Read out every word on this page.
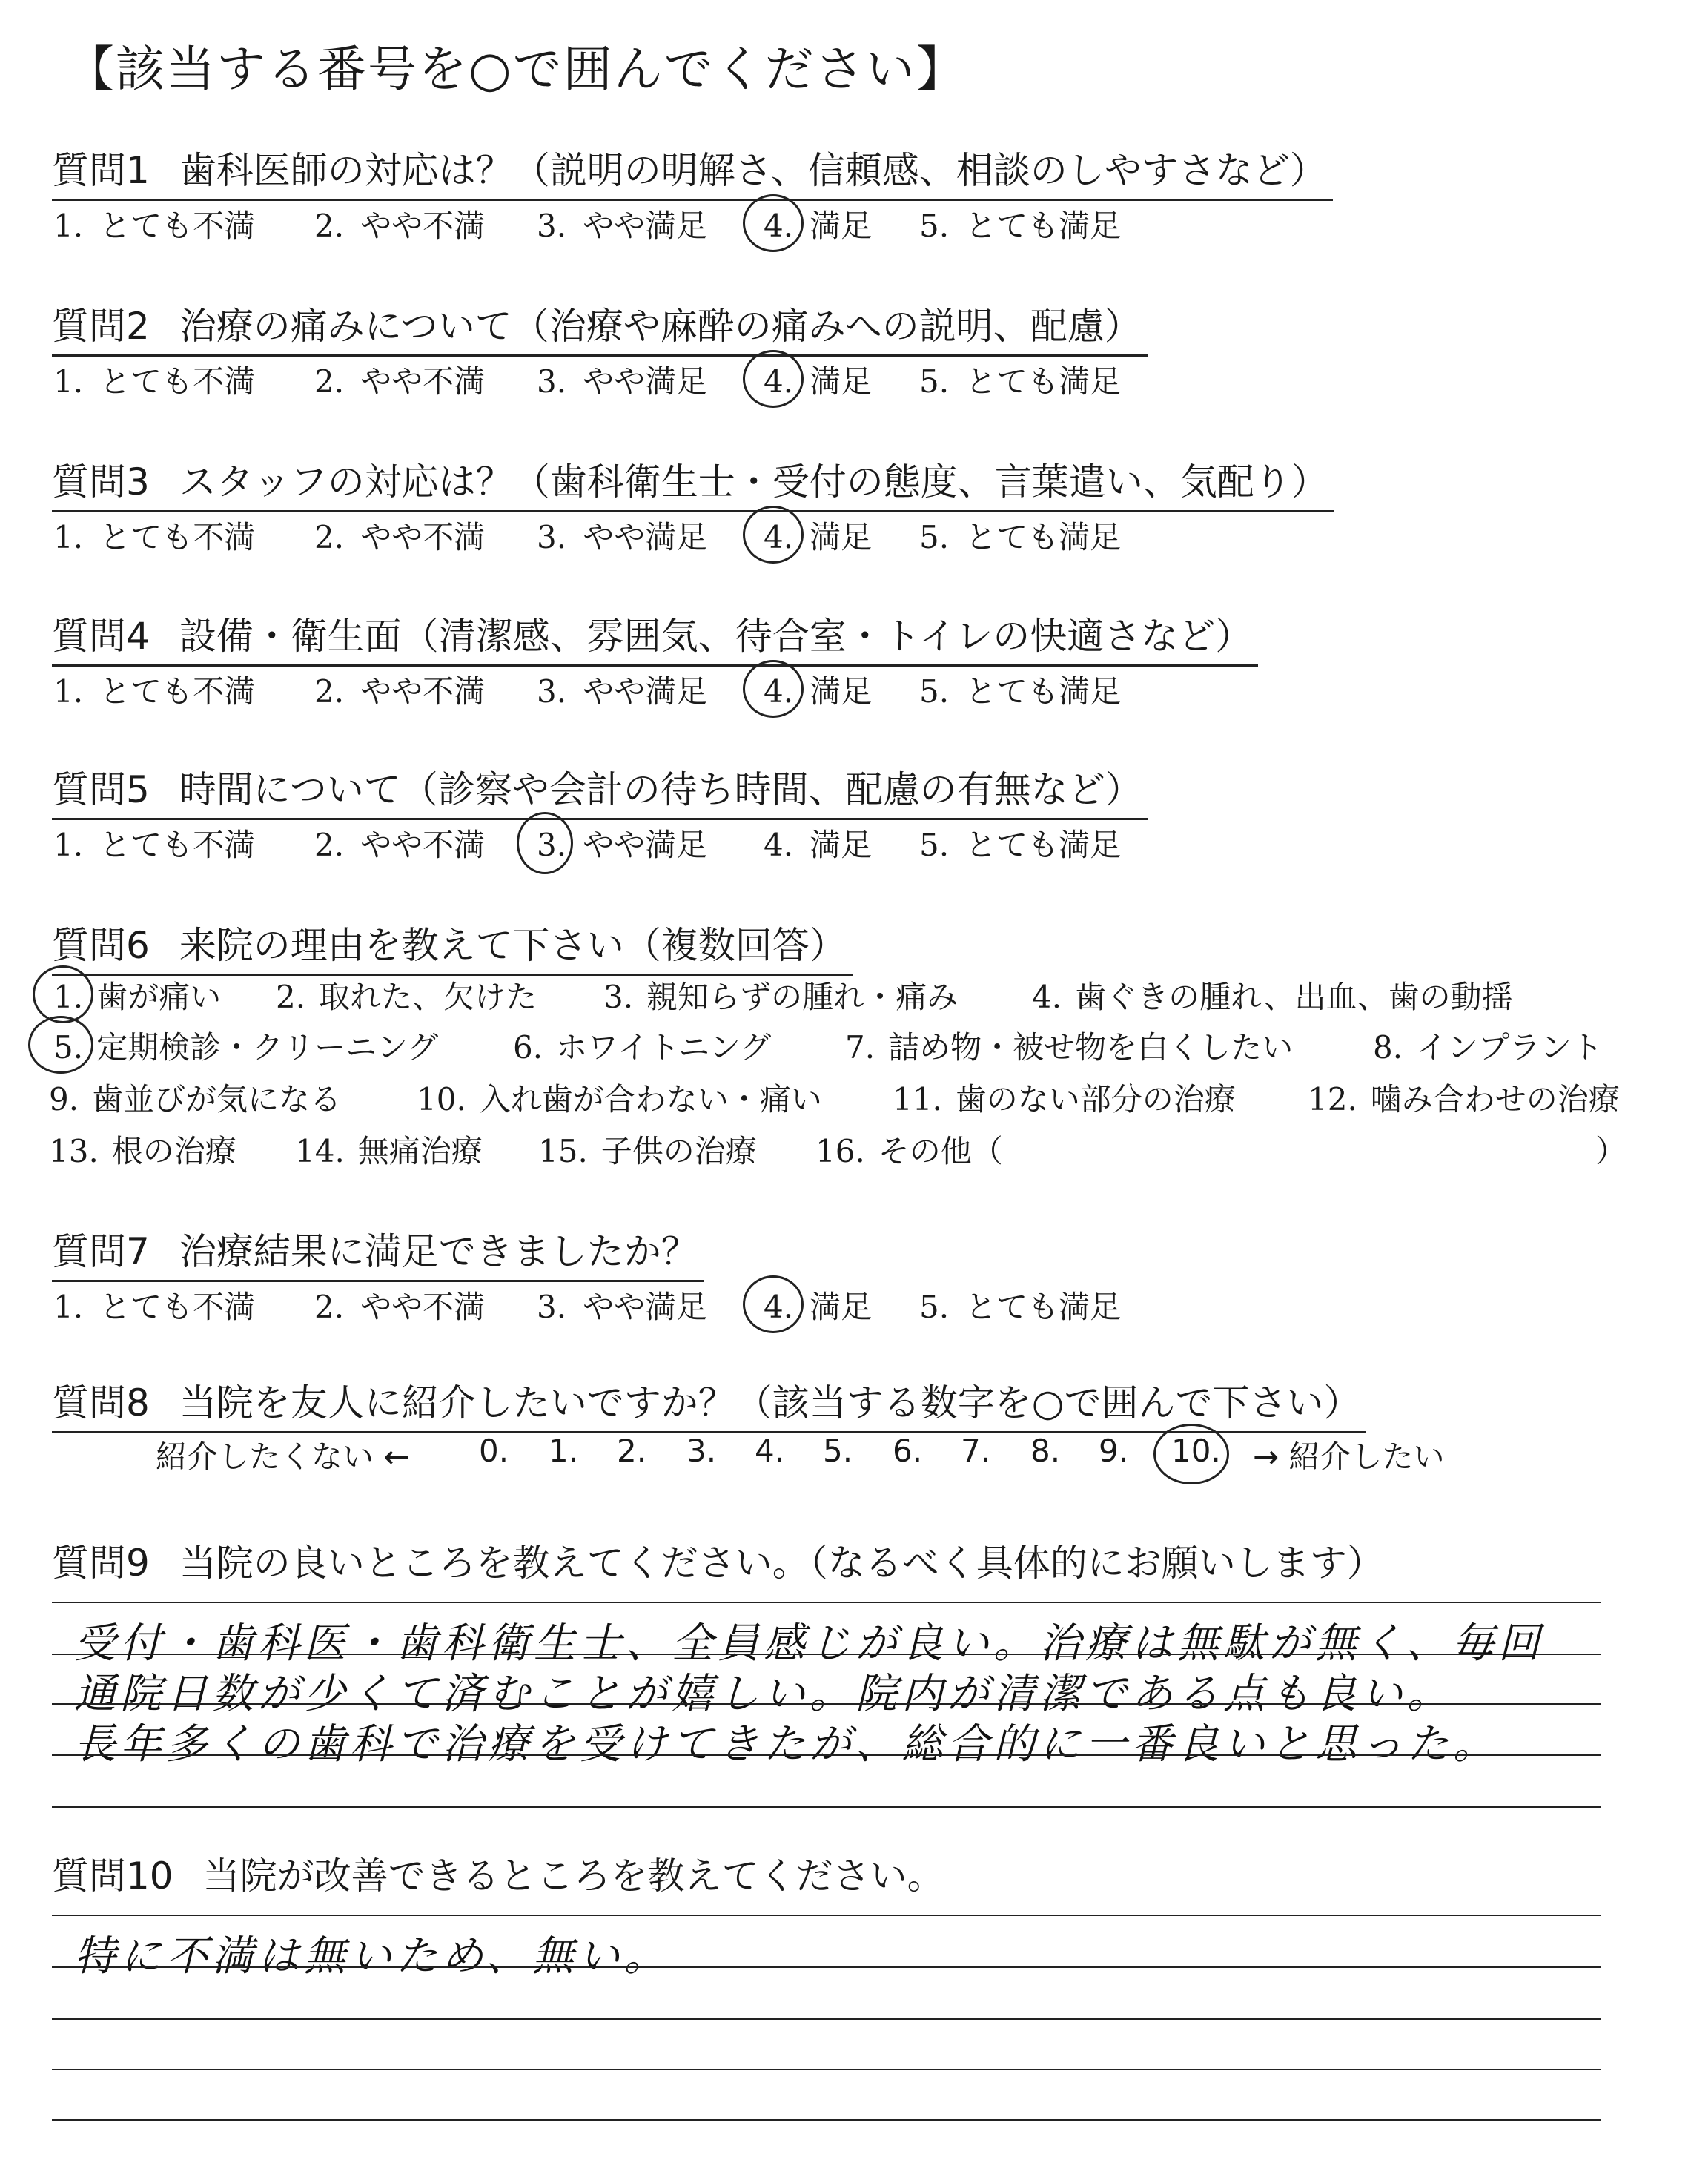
【該当する番号を○で囲んでください】
質問1 歯科医師の対応は？（説明の明解さ、信頼感、相談のしやすさなど）
1. とても不満 2. やや不満 3. やや満足 4. 満足 5. とても満足
質問2 治療の痛みについて（治療や麻酔の痛みへの説明、配慮）
1. とても不満 2. やや不満 3. やや満足 4. 満足 5. とても満足
質問3 スタッフの対応は？（歯科衛生士・受付の態度、言葉遣い、気配り）
1. とても不満 2. やや不満 3. やや満足 4. 満足 5. とても満足
質問4 設備・衛生面（清潔感、雰囲気、待合室・トイレの快適さなど）
1. とても不満 2. やや不満 3. やや満足 4. 満足 5. とても満足
質問5 時間について（診察や会計の待ち時間、配慮の有無など）
1. とても不満 2. やや不満 3. やや満足 4. 満足 5. とても満足
質問6 来院の理由を教えて下さい（複数回答）
1. 歯が痛い 2. 取れた、欠けた 3. 親知らずの腫れ・痛み 4. 歯ぐきの腫れ、出血、歯の動揺
5. 定期検診・クリーニング 6. ホワイトニング 7. 詰め物・被せ物を白くしたい	8. インプラント
9. 歯並びが気になる 10. 入れ歯が合わない・痛い 11. 歯のない部分の治療 12. 噛み合わせの治療
13. 根の治療 14. 無痛治療 15. 子供の治療 16. その他（	）
質問7 治療結果に満足できましたか？
1. とても不満 2. やや不満 3. やや満足 4. 満足 5. とても満足
質問8 当院を友人に紹介したいですか？（該当する数字を○で囲んで下さい）
紹介したくない ← 0. 1. 2. 3. 4. 5. 6. 7. 8. 9. 10. → 紹介したい
質問9 当院の良いところを教えてください。（なるべく具体的にお願いします）
受付・歯科医・歯科衛生士、全員感じが良い。治療は無駄が無く、毎回
通院日数が少くて済むことが嬉しい。院内が清潔である点も良い。
長年多くの歯科で治療を受けてきたが、総合的に一番良いと思った。
質問10 当院が改善できるところを教えてください。
特に不満は無いため、無い。
